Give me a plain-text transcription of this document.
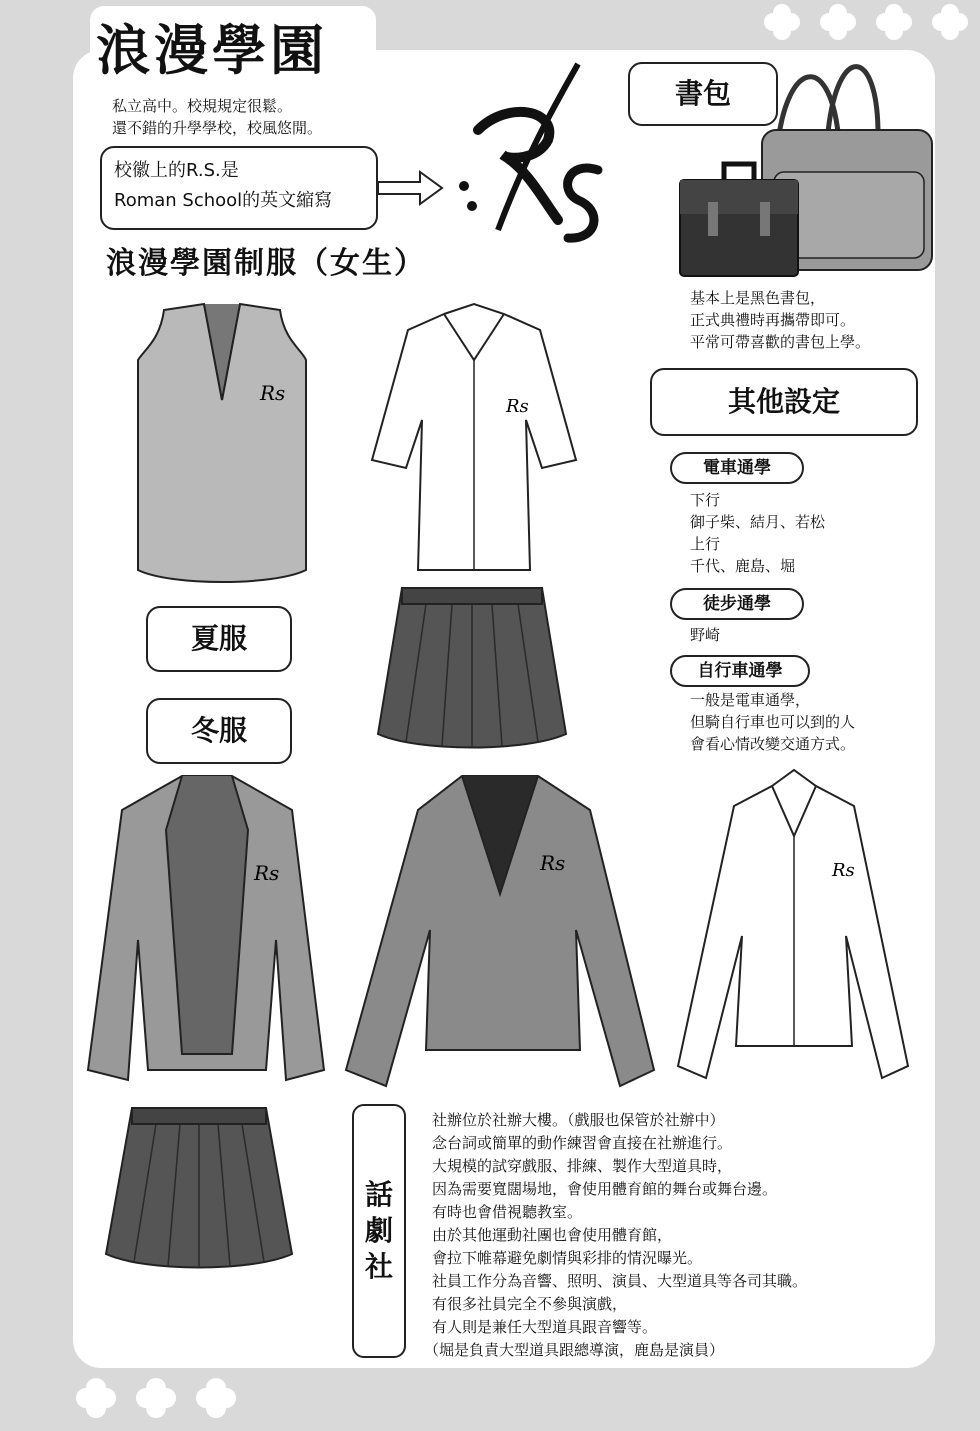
浪漫學園
私立高中。校規規定很鬆。
還不錯的升學學校，校風悠閒。
校徽上的R.S.是
Roman School的英文縮寫
書包
基本上是黑色書包，
正式典禮時再攜帶即可。
平常可帶喜歡的書包上學。
浪漫學園制服（女生）
其他設定
電車通學
下行
御子柴、結月、若松
上行
千代、鹿島、堀
徒步通學
野崎
自行車通學
一般是電車通學，
但騎自行車也可以到的人
會看心情改變交通方式。
夏服
冬服
Rs
Rs
Rs	Rs	Rs
話
劇
社
社辦位於社辦大樓。（戲服也保管於社辦中）
念台詞或簡單的動作練習會直接在社辦進行。
大規模的試穿戲服、排練、製作大型道具時，
因為需要寬闊場地，會使用體育館的舞台或舞台邊。
有時也會借視聽教室。
由於其他運動社團也會使用體育館，
會拉下帷幕避免劇情與彩排的情況曝光。
社員工作分為音響、照明、演員、大型道具等各司其職。
有很多社員完全不參與演戲，
有人則是兼任大型道具跟音響等。
（堀是負責大型道具跟總導演，鹿島是演員）
